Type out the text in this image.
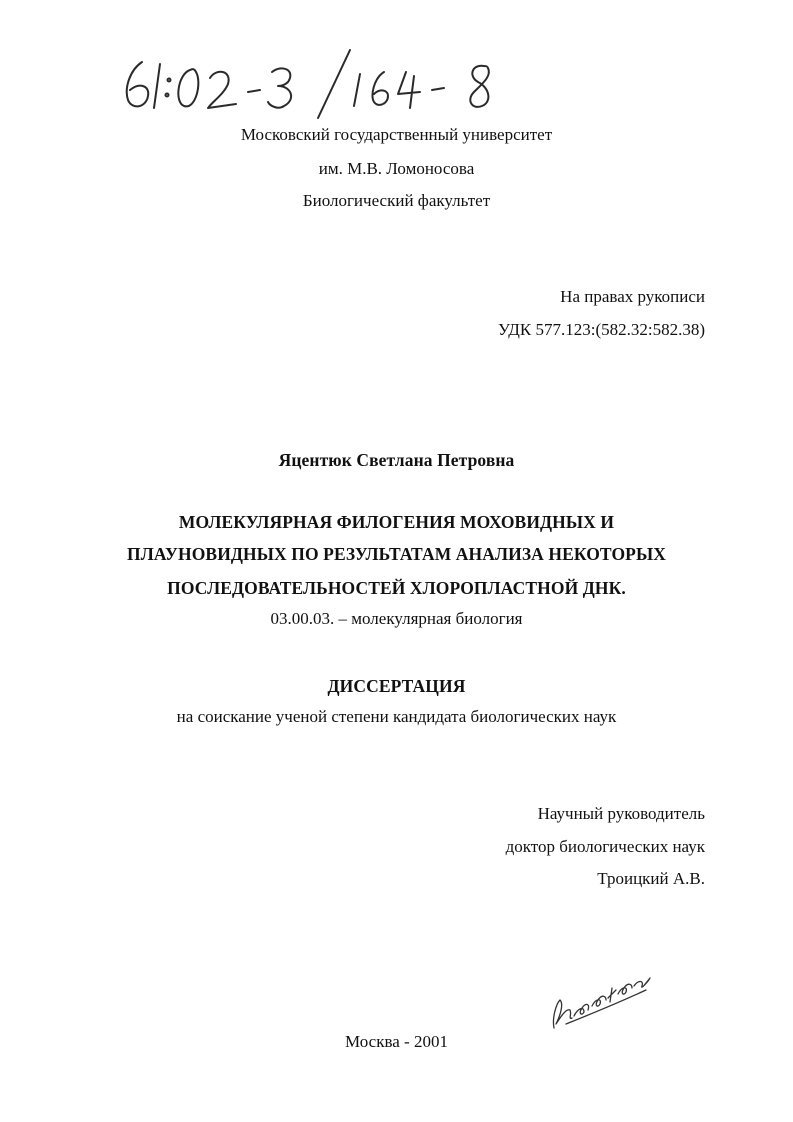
Московский государственный университет
им. М.В. Ломоносова
Биологический факультет
На правах рукописи
УДК 577.123:(582.32:582.38)
Яцентюк Светлана Петровна
МОЛЕКУЛЯРНАЯ ФИЛОГЕНИЯ МОХОВИДНЫХ И
ПЛАУНОВИДНЫХ ПО РЕЗУЛЬТАТАМ АНАЛИЗА НЕКОТОРЫХ
ПОСЛЕДОВАТЕЛЬНОСТЕЙ ХЛОРОПЛАСТНОЙ ДНК.
03.00.03. – молекулярная биология
ДИССЕРТАЦИЯ
на соискание ученой степени кандидата биологических наук
Научный руководитель
доктор биологических наук
Троицкий А.В.
Москва - 2001
